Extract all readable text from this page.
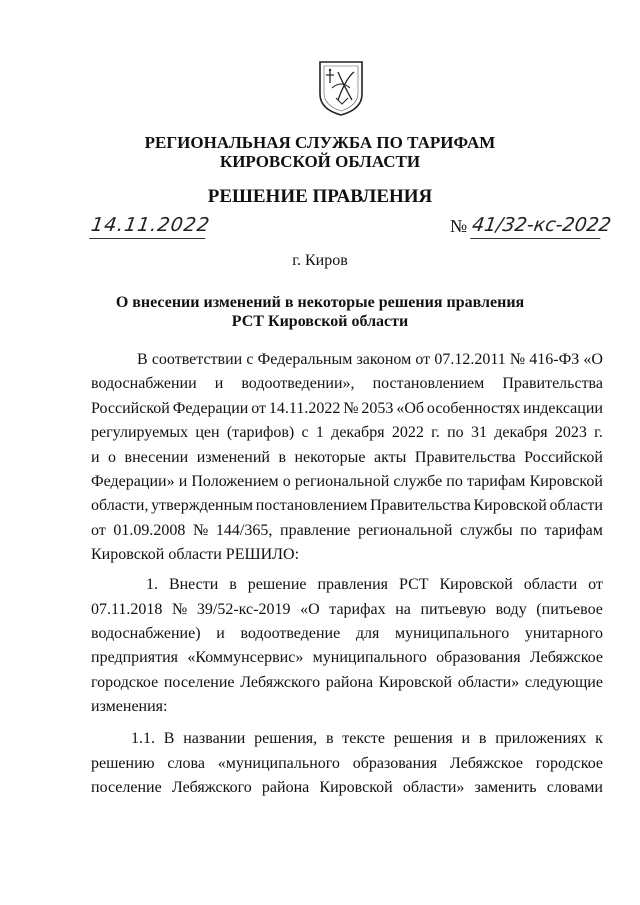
РЕГИОНАЛЬНАЯ СЛУЖБА ПО ТАРИФАМ
КИРОВСКОЙ ОБЛАСТИ
РЕШЕНИЕ ПРАВЛЕНИЯ
14.11.2022	№ 41/32-кс-2022
г. Киров
О внесении изменений в некоторые решения правления
РСТ Кировской области
В соответствии с Федеральным законом от 07.12.2011 № 416-ФЗ «О
водоснабжении и водоотведении», постановлением Правительства
Российской Федерации от 14.11.2022 № 2053 «Об особенностях индексации
регулируемых цен (тарифов) с 1 декабря 2022 г. по 31 декабря 2023 г.
и о внесении изменений в некоторые акты Правительства Российской
Федерации» и Положением о региональной службе по тарифам Кировской
области, утвержденным постановлением Правительства Кировской области
от 01.09.2008 № 144/365, правление региональной службы по тарифам
Кировской области РЕШИЛО:
1. Внести в решение правления РСТ Кировской области от
07.11.2018 № 39/52-кс-2019 «О тарифах на питьевую воду (питьевое
водоснабжение) и водоотведение для муниципального унитарного
предприятия «Коммунсервис» муниципального образования Лебяжское
городское поселение Лебяжского района Кировской области» следующие
изменения:
1.1. В названии решения, в тексте решения и в приложениях к
решению слова «муниципального образования Лебяжское городское
поселение Лебяжского района Кировской области» заменить словами
